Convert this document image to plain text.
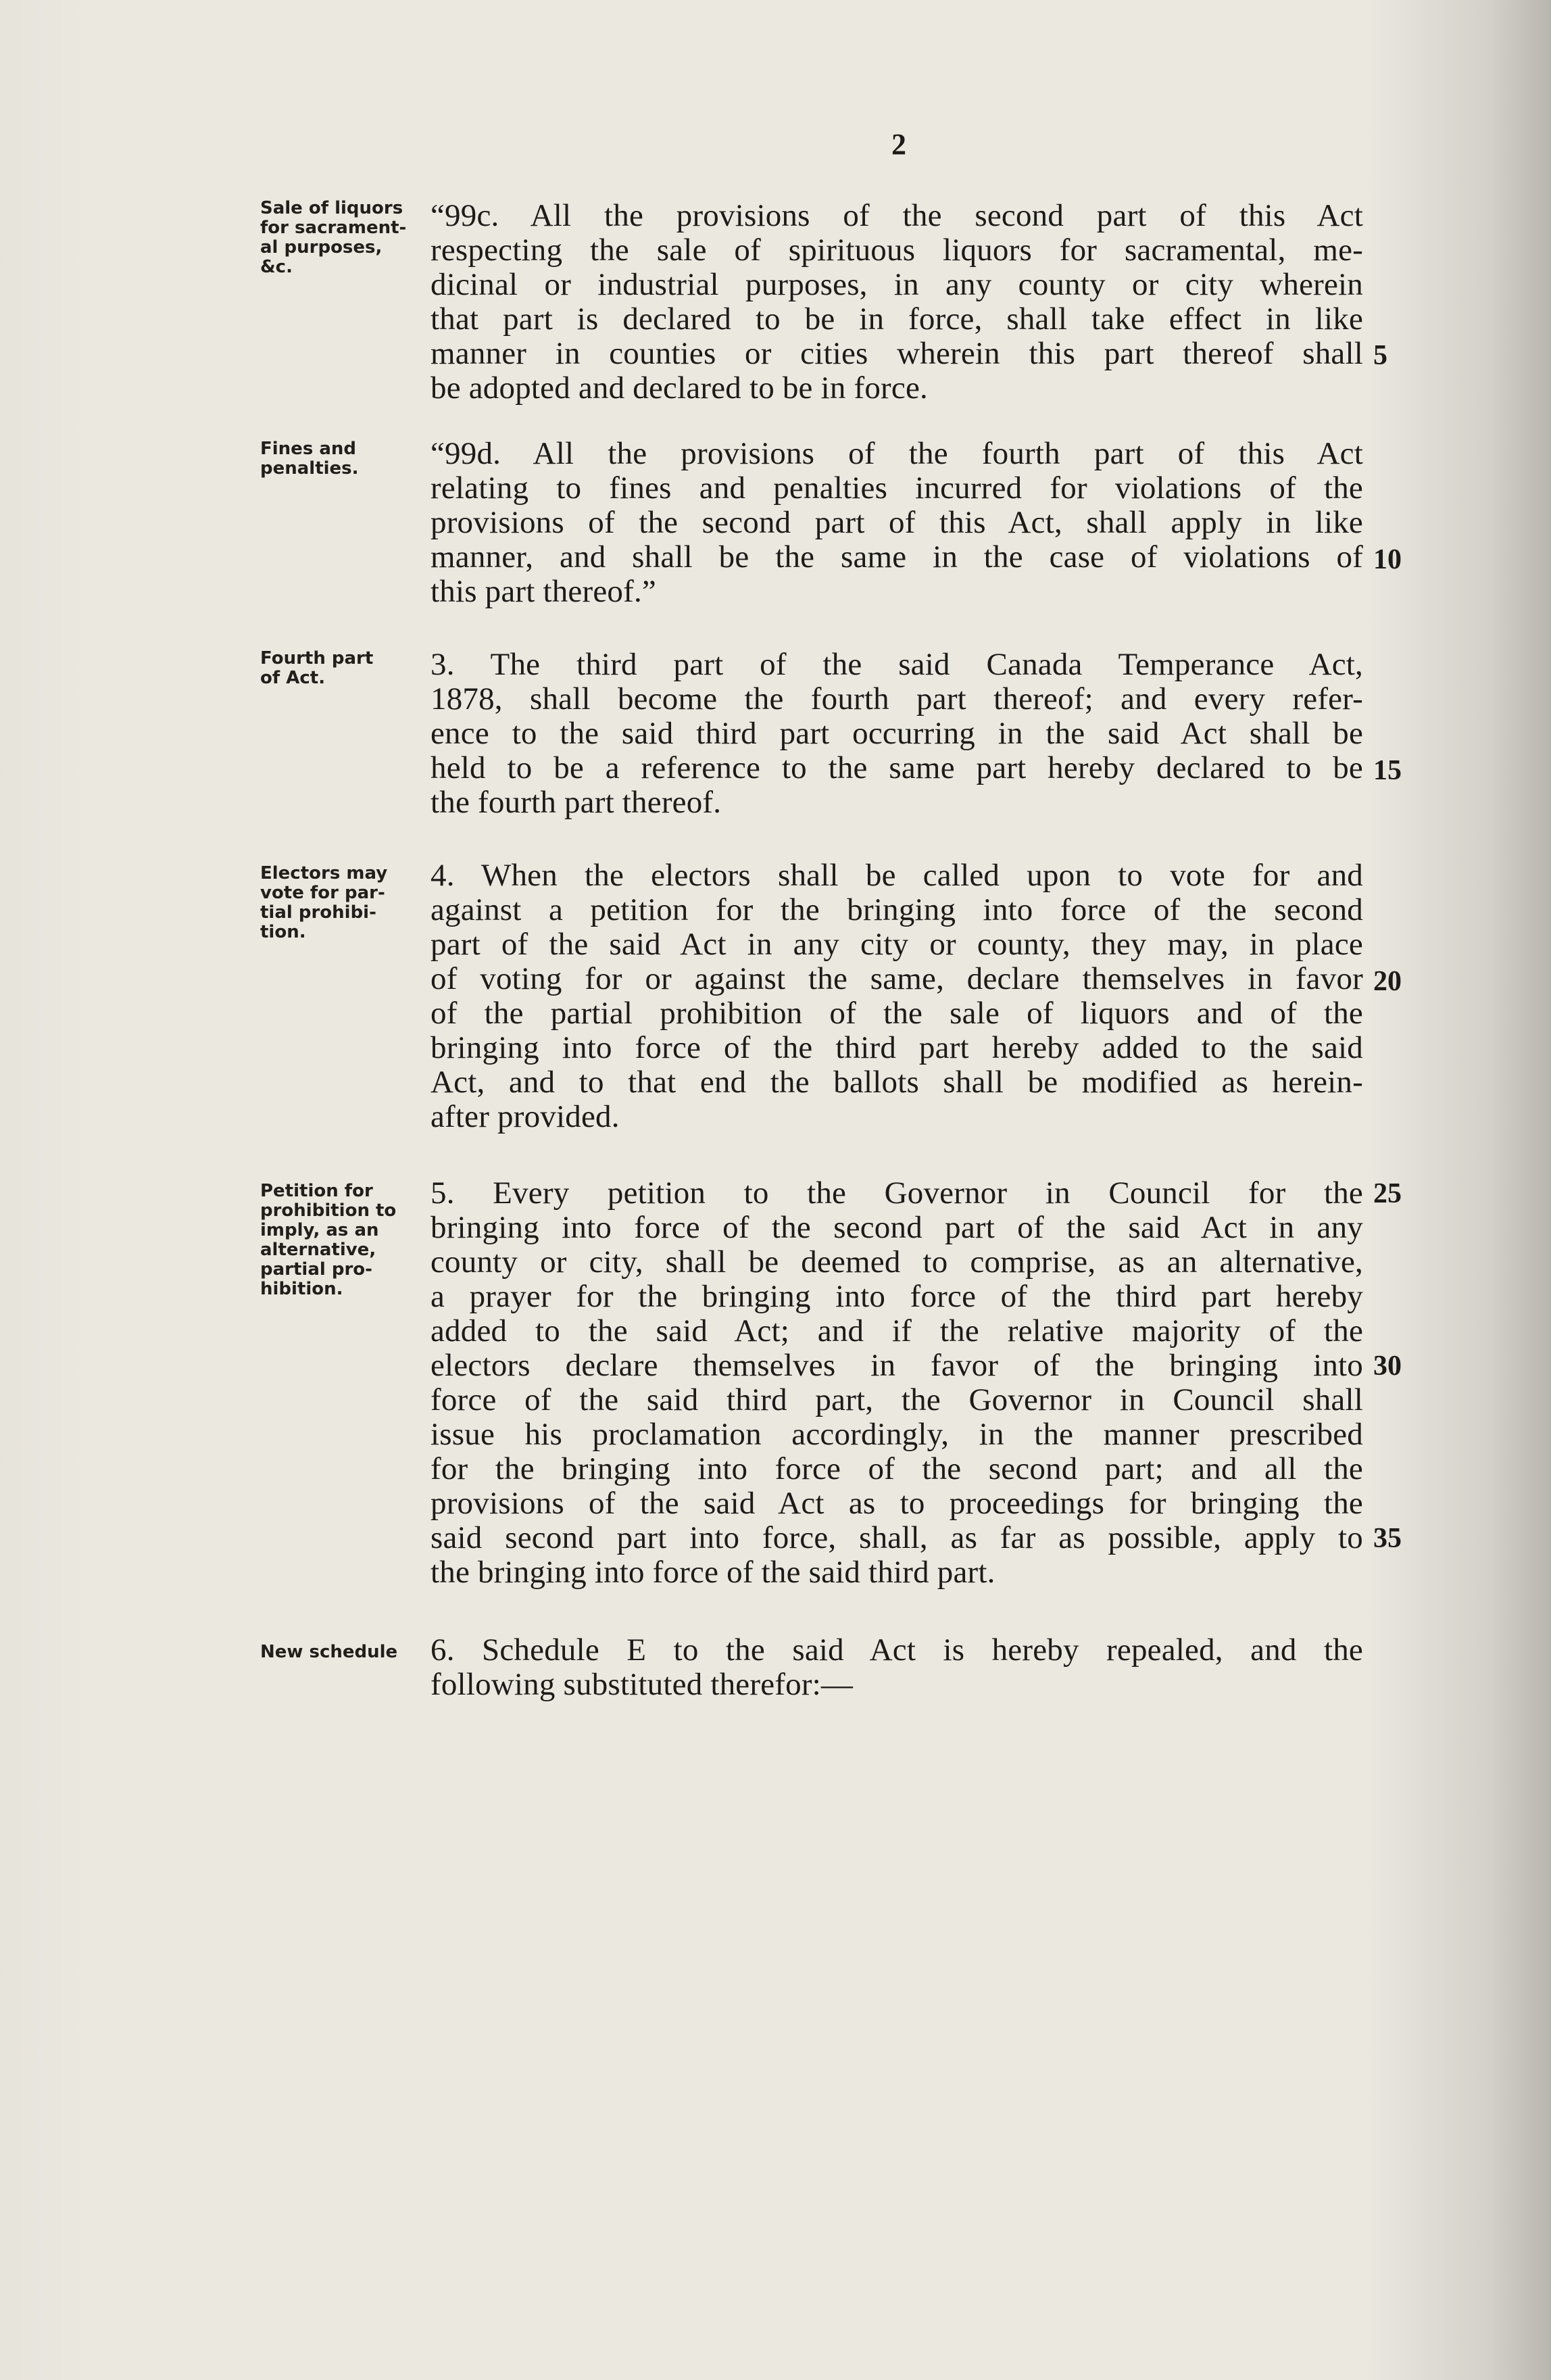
2
Sale of liquors
for sacrament-
al purposes,
&c.
“99c. All the provisions of the second part of this Act
respecting the sale of spirituous liquors for sacramental, me-
dicinal or industrial purposes, in any county or city wherein
that part is declared to be in force, shall take effect in like
manner in counties or cities wherein this part thereof shall
be adopted and declared to be in force.
5
Fines and
penalties.	“99d. All the provisions of the fourth part of this Act
relating to fines and penalties incurred for violations of the
provisions of the second part of this Act, shall apply in like
manner, and shall be the same in the case of violations of
this part thereof.”
10
Fourth part
of Act.	3. The third part of the said Canada Temperance Act,
1878, shall become the fourth part thereof; and every refer-
ence to the said third part occurring in the said Act shall be
held to be a reference to the same part hereby declared to be
the fourth part thereof.
15
Electors may
vote for par-
tial prohibi-
tion.
4. When the electors shall be called upon to vote for and
against a petition for the bringing into force of the second
part of the said Act in any city or county, they may, in place
of voting for or against the same, declare themselves in favor
of the partial prohibition of the sale of liquors and of the
bringing into force of the third part hereby added to the said
Act, and to that end the ballots shall be modified as herein-
after provided.
20
Petition for
prohibition to
imply, as an
alternative,
partial pro-
hibition.
5. Every petition to the Governor in Council for the
bringing into force of the second part of the said Act in any
county or city, shall be deemed to comprise, as an alternative,
a prayer for the bringing into force of the third part hereby
added to the said Act; and if the relative majority of the
electors declare themselves in favor of the bringing into
force of the said third part, the Governor in Council shall
issue his proclamation accordingly, in the manner prescribed
for the bringing into force of the second part; and all the
provisions of the said Act as to proceedings for bringing the
said second part into force, shall, as far as possible, apply to
the bringing into force of the said third part.
25
30
35
New schedule	6. Schedule E to the said Act is hereby repealed, and the
following substituted therefor:—
